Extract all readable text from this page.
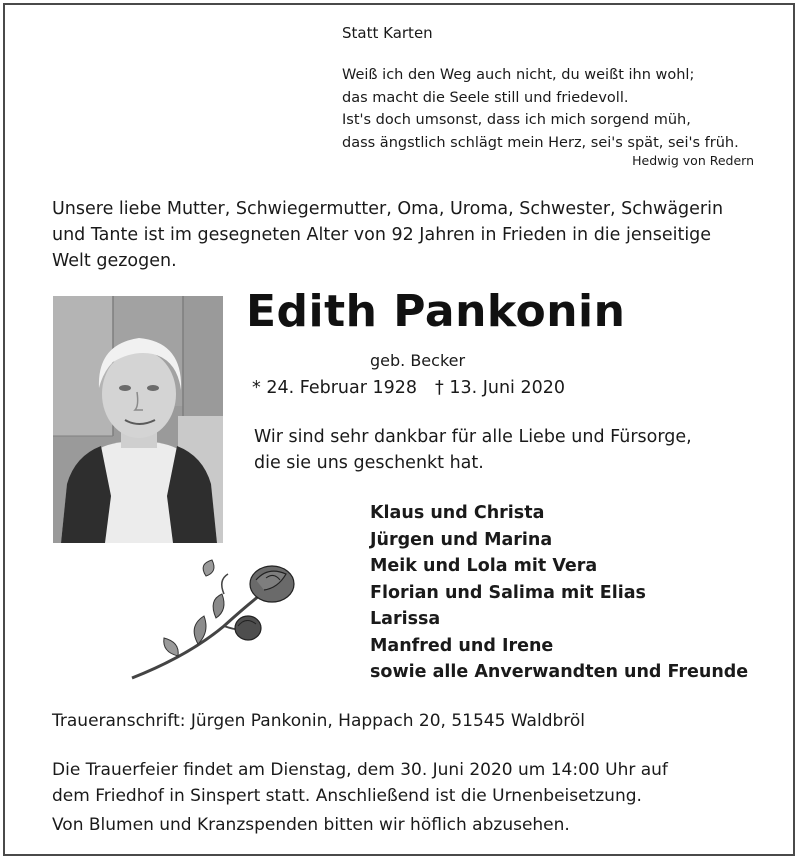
Statt Karten
Weiß ich den Weg auch nicht, du weißt ihn wohl;
das macht die Seele still und friedevoll.
Ist's doch umsonst, dass ich mich sorgend müh,
dass ängstlich schlägt mein Herz, sei's spät, sei's früh.
Hedwig von Redern
Unsere liebe Mutter, Schwiegermutter, Oma, Uroma, Schwester, Schwägerin
und Tante ist im gesegneten Alter von 92 Jahren in Frieden in die jenseitige
Welt gezogen.
Edith Pankonin
geb. Becker
* 24. Februar 1928 † 13. Juni 2020
Wir sind sehr dankbar für alle Liebe und Fürsorge,
die sie uns geschenkt hat.
Klaus und Christa
Jürgen und Marina
Meik und Lola mit Vera
Florian und Salima mit Elias
Larissa
Manfred und Irene
sowie alle Anverwandten und Freunde
Traueranschrift: Jürgen Pankonin, Happach 20, 51545 Waldbröl
Die Trauerfeier findet am Dienstag, dem 30. Juni 2020 um 14:00 Uhr auf
dem Friedhof in Sinspert statt. Anschließend ist die Urnenbeisetzung.
Von Blumen und Kranzspenden bitten wir höflich abzusehen.
